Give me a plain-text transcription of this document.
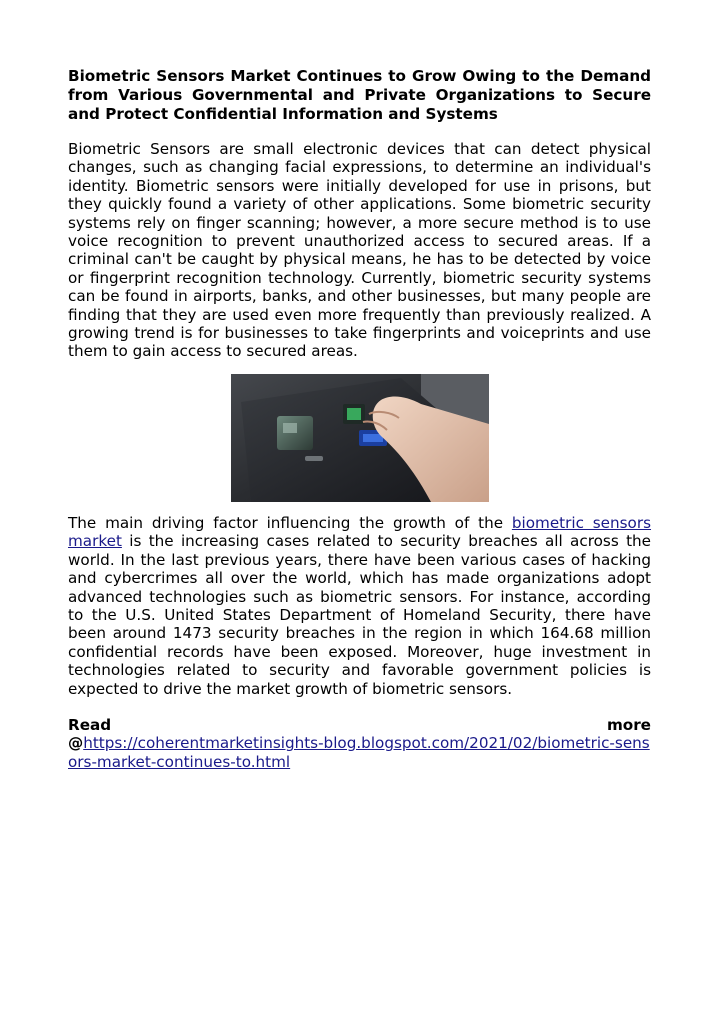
Biometric Sensors Market Continues to Grow Owing to the Demand from Various Governmental and Private Organizations to Secure and Protect Confidential Information and Systems

Biometric Sensors are small electronic devices that can detect physical changes, such as changing facial expressions, to determine an individual's identity. Biometric sensors were initially developed for use in prisons, but they quickly found a variety of other applications. Some biometric security systems rely on finger scanning; however, a more secure method is to use voice recognition to prevent unauthorized access to secured areas. If a criminal can't be caught by physical means, he has to be detected by voice or fingerprint recognition technology. Currently, biometric security systems can be found in airports, banks, and other businesses, but many people are finding that they are used even more frequently than previously realized. A growing trend is for businesses to take fingerprints and voiceprints and use them to gain access to secured areas.

The main driving factor influencing the growth of the biometric sensors market is the increasing cases related to security breaches all across the world. In the last previous years, there have been various cases of hacking and cybercrimes all over the world, which has made organizations adopt advanced technologies such as biometric sensors. For instance, according to the U.S. United States Department of Homeland Security, there have been around 1473 security breaches in the region in which 164.68 million confidential records have been exposed. Moreover, huge investment in technologies related to security and favorable government policies is expected to drive the market growth of biometric sensors.

Read	more
@https://coherentmarketinsights-blog.blogspot.com/2021/02/biometric-sensors-market-continues-to.html
